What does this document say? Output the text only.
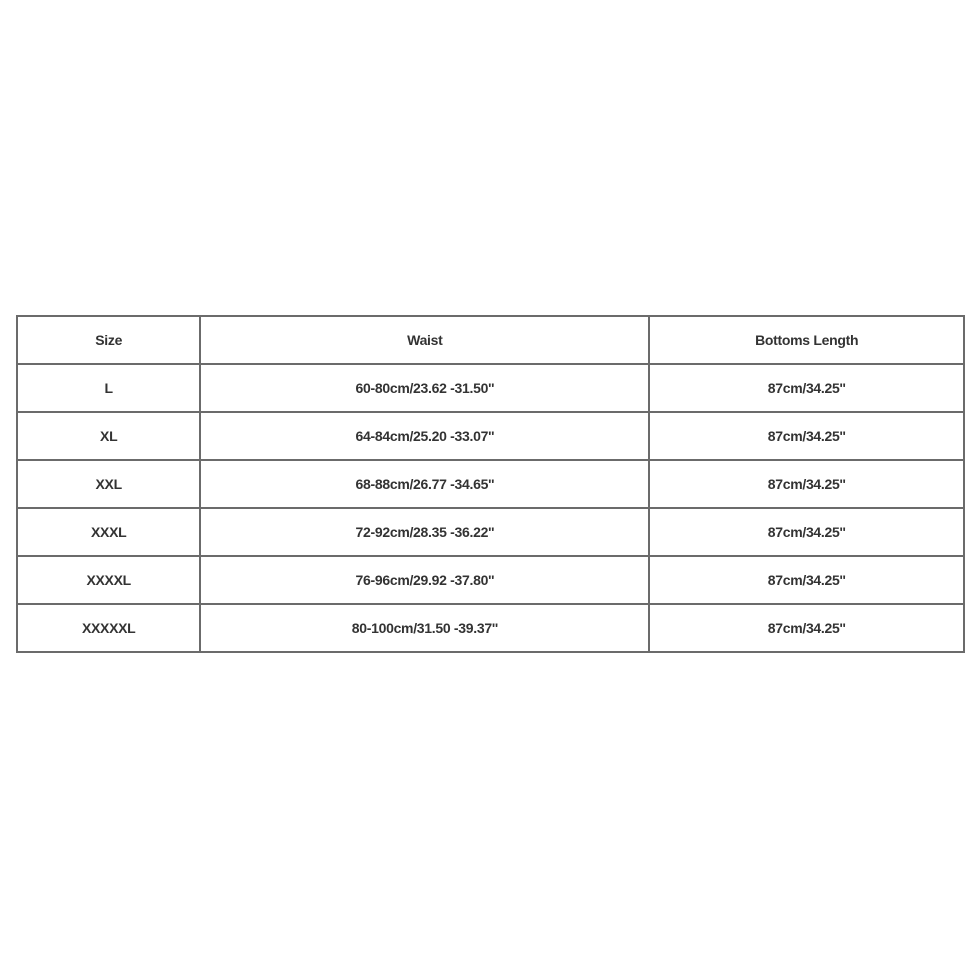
Size	Waist	Bottoms Length
L	60-80cm/23.62 -31.50''	87cm/34.25''
XL	64-84cm/25.20 -33.07''	87cm/34.25''
XXL	68-88cm/26.77 -34.65''	87cm/34.25''
XXXL	72-92cm/28.35 -36.22''	87cm/34.25''
XXXXL	76-96cm/29.92 -37.80''	87cm/34.25''
XXXXXL	80-100cm/31.50 -39.37''	87cm/34.25''
